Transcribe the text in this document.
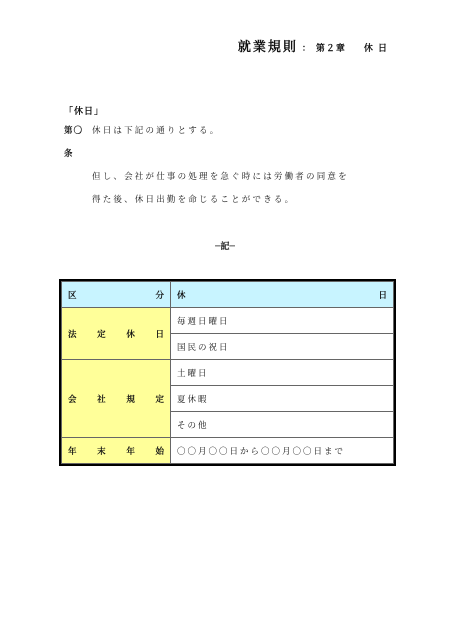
就業規則 ： 第２章 休 日
「休日」
第〇条
休日は下記の通りとする。
但し、会社が仕事の処理を急ぐ時には労働者の同意を
得た後、休日出勤を命じることができる。
─記─
区 分	休 日

法 定 休 日	毎週日曜日
	国民の祝日

会 社 規 定	土曜日
	夏休暇
	その他

年 末 年 始	〇〇月〇〇日から〇〇月〇〇日まで
